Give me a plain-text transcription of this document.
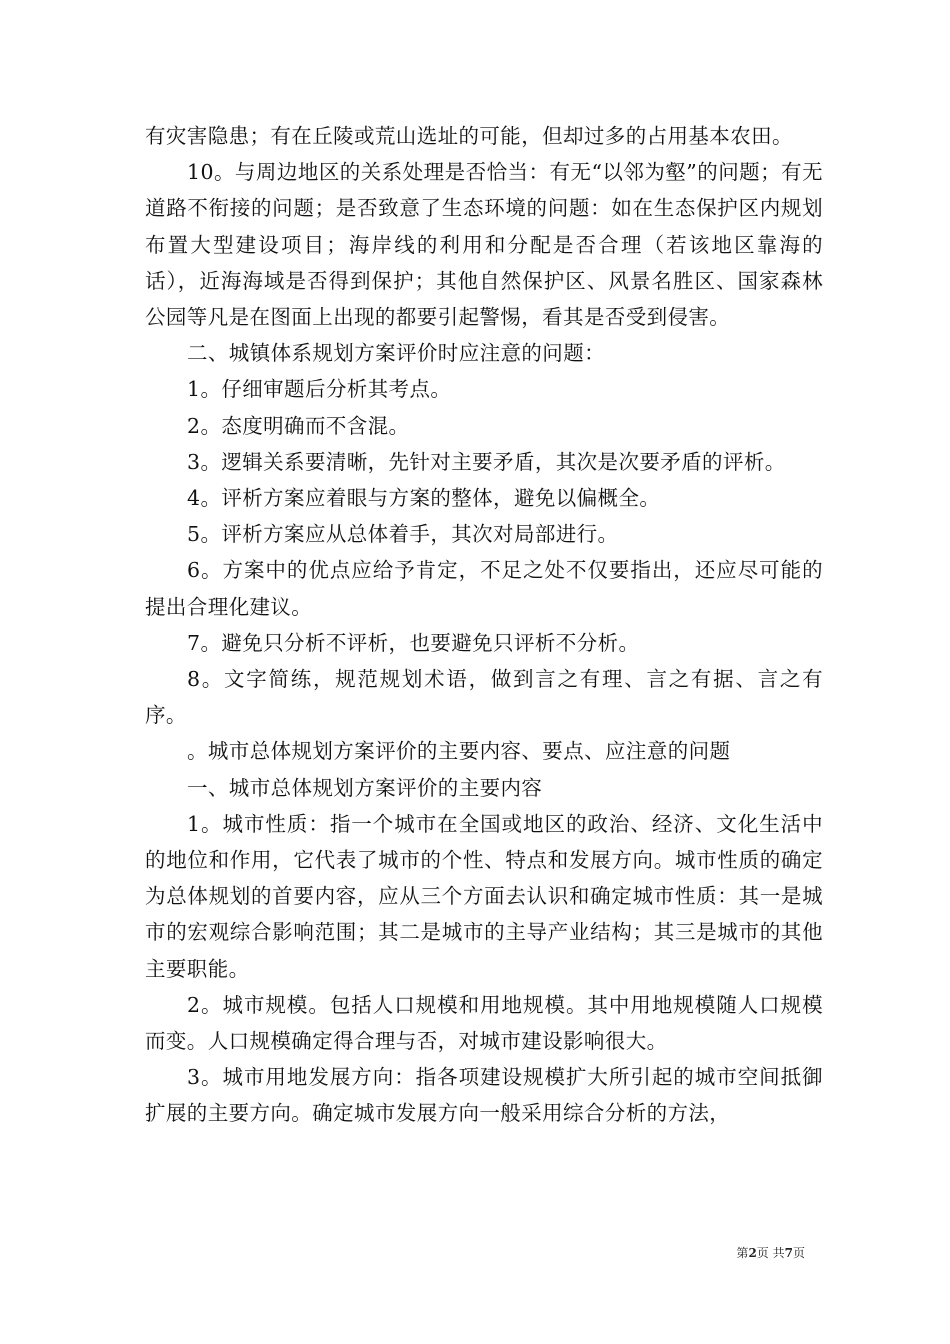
有灾害隐患；有在丘陵或荒山选址的可能，但却过多的占用基本农田。

10。与周边地区的关系处理是否恰当：有无“以邻为壑”的问题；有无道路不衔接的问题；是否致意了生态环境的问题：如在生态保护区内规划布置大型建设项目；海岸线的利用和分配是否合理（若该地区靠海的话），近海海域是否得到保护；其他自然保护区、风景名胜区、国家森林公园等凡是在图面上出现的都要引起警惕，看其是否受到侵害。

二、城镇体系规划方案评价时应注意的问题：

1。仔细审题后分析其考点。

2。态度明确而不含混。

3。逻辑关系要清晰，先针对主要矛盾，其次是次要矛盾的评析。

4。评析方案应着眼与方案的整体，避免以偏概全。

5。评析方案应从总体着手，其次对局部进行。

6。方案中的优点应给予肯定，不足之处不仅要指出，还应尽可能的提出合理化建议。

7。避免只分析不评析，也要避免只评析不分析。

8。文字简练，规范规划术语，做到言之有理、言之有据、言之有序。

。城市总体规划方案评价的主要内容、要点、应注意的问题

一、城市总体规划方案评价的主要内容

1。城市性质：指一个城市在全国或地区的政治、经济、文化生活中的地位和作用，它代表了城市的个性、特点和发展方向。城市性质的确定为总体规划的首要内容，应从三个方面去认识和确定城市性质：其一是城市的宏观综合影响范围；其二是城市的主导产业结构；其三是城市的其他主要职能。

2。城市规模。包括人口规模和用地规模。其中用地规模随人口规模而变。人口规模确定得合理与否，对城市建设影响很大。

3。城市用地发展方向：指各项建设规模扩大所引起的城市空间抵御扩展的主要方向。确定城市发展方向一般采用综合分析的方法，

第2页 共7页
